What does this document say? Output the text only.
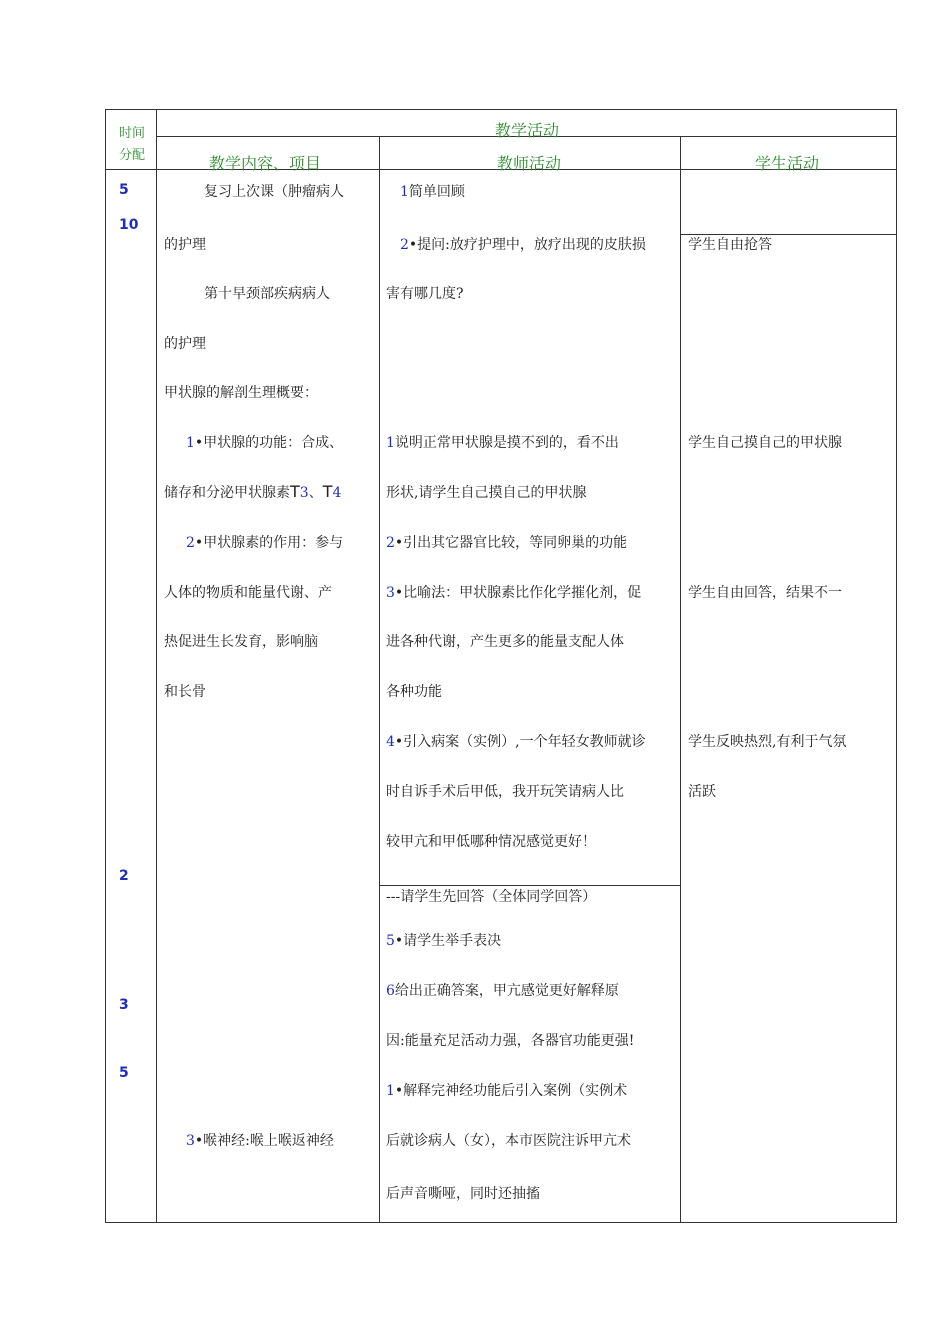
时间
分配
教学活动
教学内容、项目	教师活动	学生活动
5
10
2
3
5
复习上次课（肿瘤病人
的护理
第十早颈部疾病病人
的护理
甲状腺的解剖生理概要：
1•甲状腺的功能：合成、
储存和分泌甲状腺素T3、T4
2•甲状腺素的作用：参与
人体的物质和能量代谢、产
热促进生长发育，影响脑
和长骨
3•喉神经:喉上喉返神经
1简单回顾
2•提问:放疗护理中，放疗出现的皮肤损
害有哪几度?
1说明正常甲状腺是摸不到的，看不出
形状,请学生自己摸自己的甲状腺
2•引出其它器官比较，等同卵巢的功能
3•比喻法：甲状腺素比作化学摧化剂，促
进各种代谢，产生更多的能量支配人体
各种功能
4•引入病案（实例）,一个年轻女教师就诊
时自诉手术后甲低，我开玩笑请病人比
较甲亢和甲低哪种情况感觉更好！
---请学生先回答（全体同学回答）
5•请学生举手表决
6给出正确答案，甲亢感觉更好解释原
因:能量充足活动力强，各器官功能更强!
1•解释完神经功能后引入案例（实例术
后就诊病人（女），本市医院注诉甲亢术
后声音嘶哑，同时还抽搐
学生自由抢答
学生自己摸自己的甲状腺
学生自由回答，结果不一
学生反映热烈,有利于气氛
活跃
